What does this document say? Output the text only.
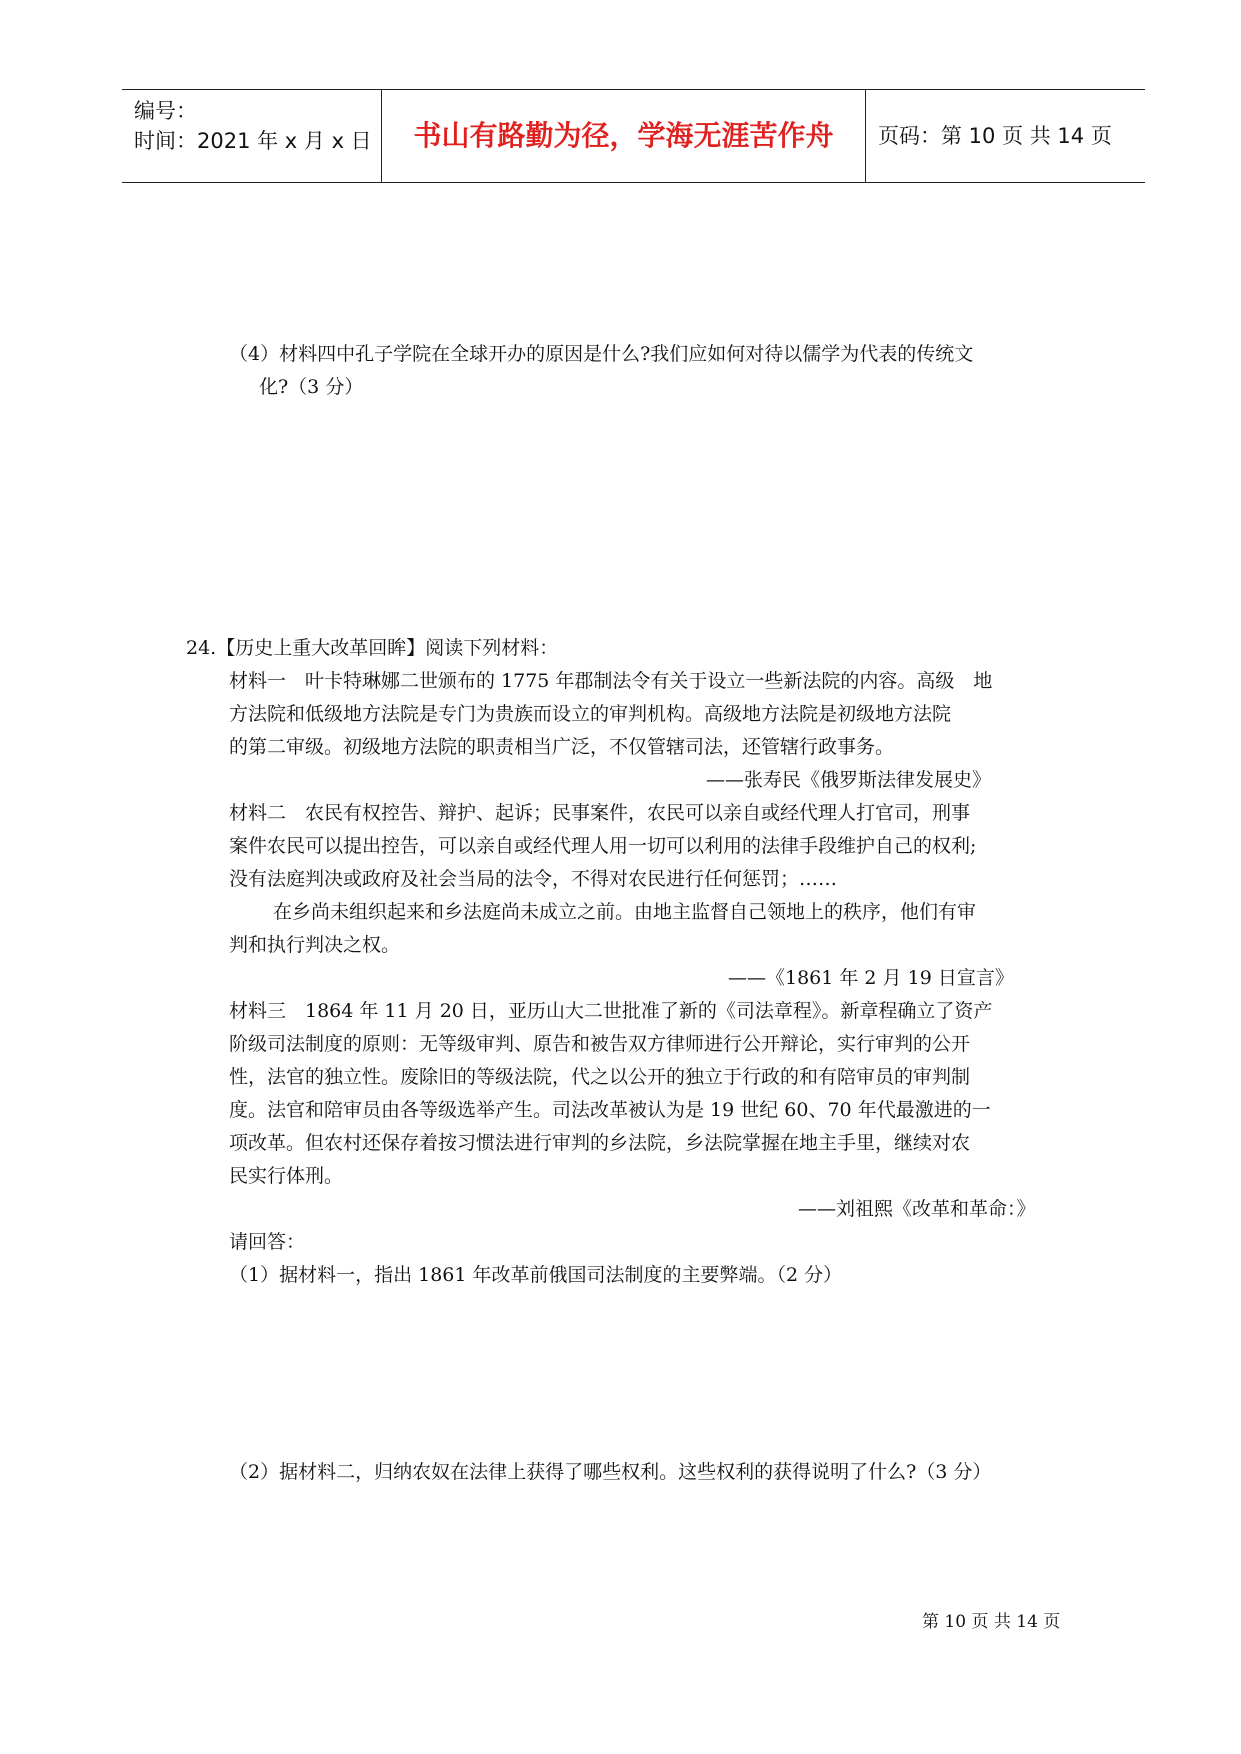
编号：
时间：2021 年 x 月 x 日	书山有路勤为径，学海无涯苦作舟	页码：第 10 页 共 14 页
（4）材料四中孔子学院在全球开办的原因是什么?我们应如何对待以儒学为代表的传统文
化?（3 分）
24.【历史上重大改革回眸】阅读下列材料：
材料一　叶卡特琳娜二世颁布的 1775 年郡制法令有关于设立一些新法院的内容。高级　地
方法院和低级地方法院是专门为贵族而设立的审判机构。高级地方法院是初级地方法院
的第二审级。初级地方法院的职责相当广泛，不仅管辖司法，还管辖行政事务。
——张寿民《俄罗斯法律发展史》
材料二　农民有权控告、辩护、起诉；民事案件，农民可以亲自或经代理人打官司，刑事
案件农民可以提出控告，可以亲自或经代理人用一切可以利用的法律手段维护自己的权利;
没有法庭判决或政府及社会当局的法令，不得对农民进行任何惩罚；……
在乡尚未组织起来和乡法庭尚未成立之前。由地主监督自己领地上的秩序，他们有审
判和执行判决之权。
——《1861 年 2 月 19 日宣言》
材料三　1864 年 11 月 20 日，亚历山大二世批准了新的《司法章程》。新章程确立了资产
阶级司法制度的原则：无等级审判、原告和被告双方律师进行公开辩论，实行审判的公开
性，法官的独立性。废除旧的等级法院，代之以公开的独立于行政的和有陪审员的审判制
度。法官和陪审员由各等级选举产生。司法改革被认为是 19 世纪 60、70 年代最激进的一
项改革。但农村还保存着按习惯法进行审判的乡法院，乡法院掌握在地主手里，继续对农
民实行体刑。
——刘祖熙《改革和革命：》
请回答：
（1）据材料一，指出 1861 年改革前俄国司法制度的主要弊端。（2 分）
（2）据材料二，归纳农奴在法律上获得了哪些权利。这些权利的获得说明了什么?（3 分）
第 10 页 共 14 页
